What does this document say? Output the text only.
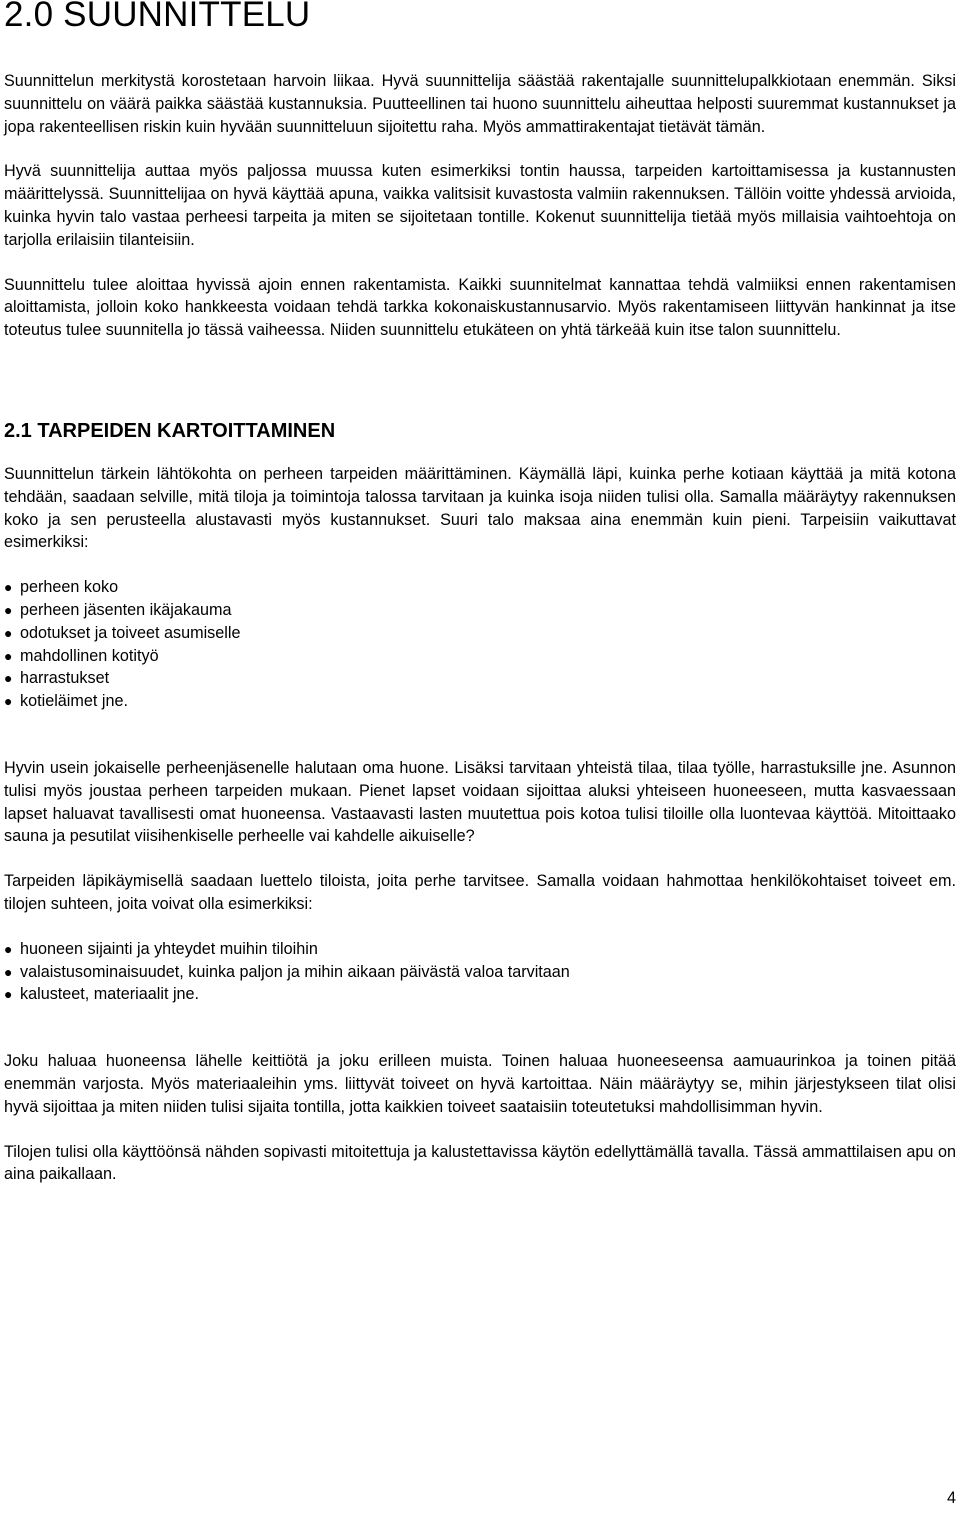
2.0 SUUNNITTELU

Suunnittelun merkitystä korostetaan harvoin liikaa. Hyvä suunnittelija säästää rakentajalle suunnittelupalkkiotaan enemmän. Siksi suunnittelu on väärä paikka säästää kustannuksia. Puutteellinen tai huono suunnittelu aiheuttaa helposti suuremmat kustannukset ja jopa rakenteellisen riskin kuin hyvään suunnitteluun sijoitettu raha. Myös ammattirakentajat tietävät tämän.

Hyvä suunnittelija auttaa myös paljossa muussa kuten esimerkiksi tontin haussa, tarpeiden kartoittamisessa ja kustannusten määrittelyssä. Suunnittelijaa on hyvä käyttää apuna, vaikka valitsisit kuvastosta valmiin rakennuksen. Tällöin voitte yhdessä arvioida, kuinka hyvin talo vastaa perheesi tarpeita ja miten se sijoitetaan tontille. Kokenut suunnittelija tietää myös millaisia vaihtoehtoja on tarjolla erilaisiin tilanteisiin.

Suunnittelu tulee aloittaa hyvissä ajoin ennen rakentamista. Kaikki suunnitelmat kannattaa tehdä valmiiksi ennen rakentamisen aloittamista, jolloin koko hankkeesta voidaan tehdä tarkka kokonaiskustannusarvio. Myös rakentamiseen liittyvän hankinnat ja itse toteutus tulee suunnitella jo tässä vaiheessa. Niiden suunnittelu etukäteen on yhtä tärkeää kuin itse talon suunnittelu.

2.1 TARPEIDEN KARTOITTAMINEN

Suunnittelun tärkein lähtökohta on perheen tarpeiden määrittäminen. Käymällä läpi, kuinka perhe kotiaan käyttää ja mitä kotona tehdään, saadaan selville, mitä tiloja ja toimintoja talossa tarvitaan ja kuinka isoja niiden tulisi olla. Samalla määräytyy rakennuksen koko ja sen perusteella alustavasti myös kustannukset. Suuri talo maksaa aina enemmän kuin pieni. Tarpeisiin vaikuttavat esimerkiksi:

● perheen koko
● perheen jäsenten ikäjakauma
● odotukset ja toiveet asumiselle
● mahdollinen kotityö
● harrastukset
● kotieläimet jne.

Hyvin usein jokaiselle perheenjäsenelle halutaan oma huone. Lisäksi tarvitaan yhteistä tilaa, tilaa työlle, harrastuksille jne. Asunnon tulisi myös joustaa perheen tarpeiden mukaan. Pienet lapset voidaan sijoittaa aluksi yhteiseen huoneeseen, mutta kasvaessaan lapset haluavat tavallisesti omat huoneensa. Vastaavasti lasten muutettua pois kotoa tulisi tiloille olla luontevaa käyttöä. Mitoittaako sauna ja pesutilat viisihenkiselle perheelle vai kahdelle aikuiselle?

Tarpeiden läpikäymisellä saadaan luettelo tiloista, joita perhe tarvitsee. Samalla voidaan hahmottaa henkilökohtaiset toiveet em. tilojen suhteen, joita voivat olla esimerkiksi:

● huoneen sijainti ja yhteydet muihin tiloihin
● valaistusominaisuudet, kuinka paljon ja mihin aikaan päivästä valoa tarvitaan
● kalusteet, materiaalit jne.

Joku haluaa huoneensa lähelle keittiötä ja joku erilleen muista. Toinen haluaa huoneeseensa aamuaurinkoa ja toinen pitää enemmän varjosta. Myös materiaaleihin yms. liittyvät toiveet on hyvä kartoittaa. Näin määräytyy se, mihin järjestykseen tilat olisi hyvä sijoittaa ja miten niiden tulisi sijaita tontilla, jotta kaikkien toiveet saataisiin toteutetuksi mahdollisimman hyvin.

Tilojen tulisi olla käyttöönsä nähden sopivasti mitoitettuja ja kalustettavissa käytön edellyttämällä tavalla. Tässä ammattilaisen apu on aina paikallaan.

4
